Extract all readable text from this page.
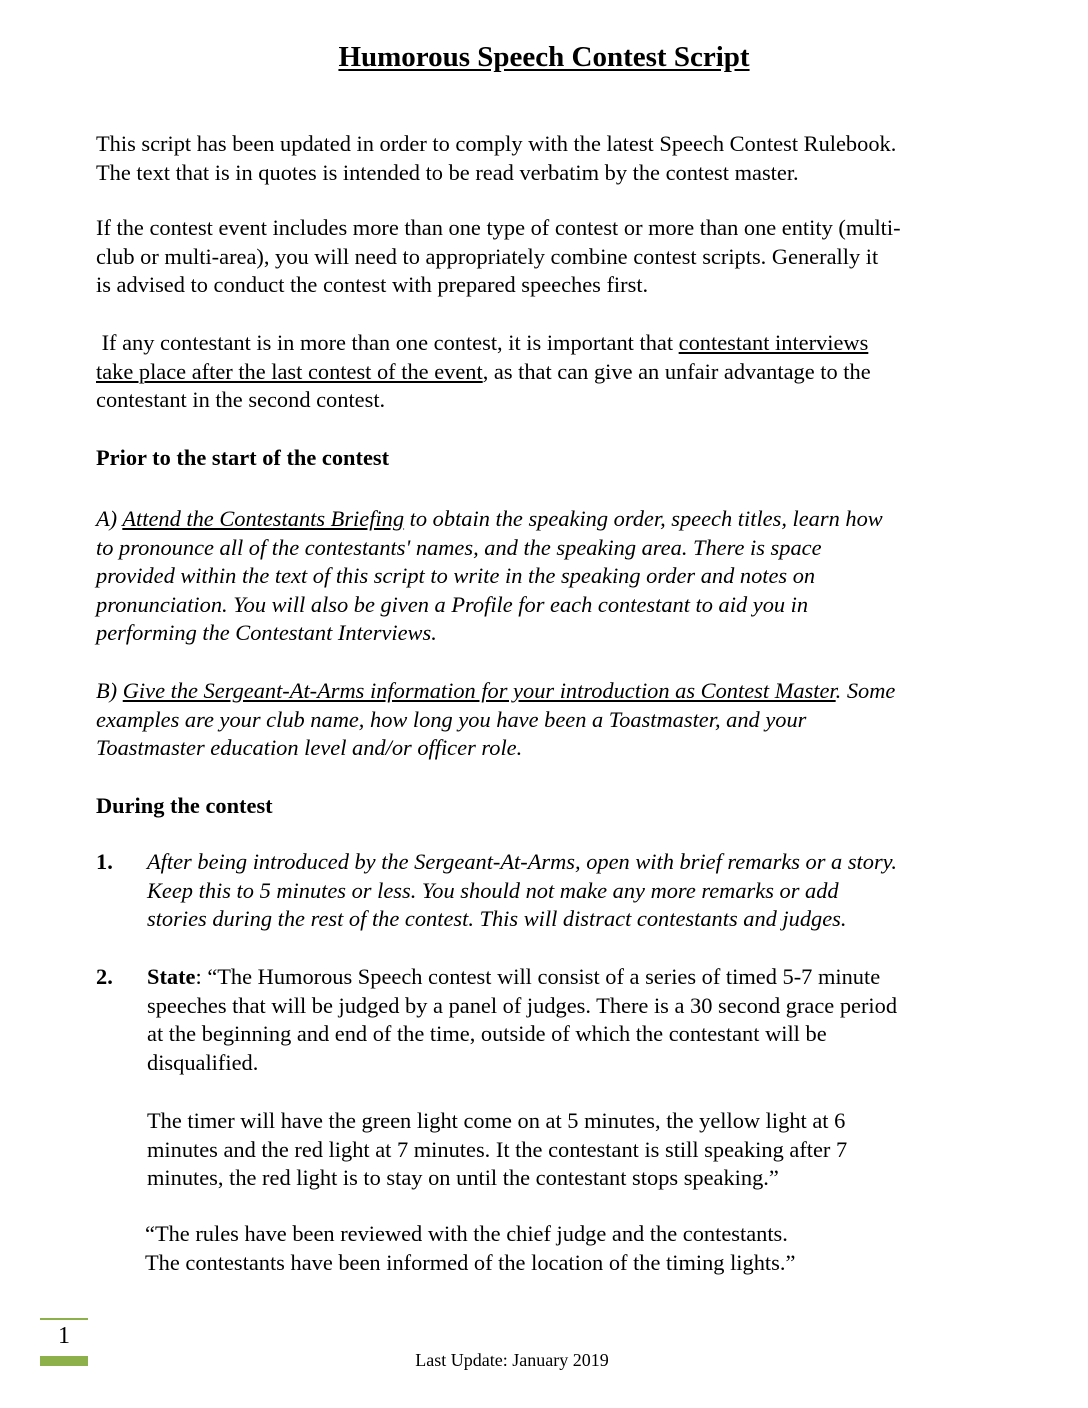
Humorous Speech Contest Script

This script has been updated in order to comply with the latest Speech Contest Rulebook.
The text that is in quotes is intended to be read verbatim by the contest master.

If the contest event includes more than one type of contest or more than one entity (multi-
club or multi-area), you will need to appropriately combine contest scripts. Generally it
is advised to conduct the contest with prepared speeches first.

If any contestant is in more than one contest, it is important that contestant interviews
take place after the last contest of the event, as that can give an unfair advantage to the
contestant in the second contest.

Prior to the start of the contest

A) Attend the Contestants Briefing to obtain the speaking order, speech titles, learn how
to pronounce all of the contestants' names, and the speaking area. There is space
provided within the text of this script to write in the speaking order and notes on
pronunciation. You will also be given a Profile for each contestant to aid you in
performing the Contestant Interviews.

B) Give the Sergeant-At-Arms information for your introduction as Contest Master. Some
examples are your club name, how long you have been a Toastmaster, and your
Toastmaster education level and/or officer role.

During the contest
1. After being introduced by the Sergeant-At-Arms, open with brief remarks or a story.
Keep this to 5 minutes or less. You should not make any more remarks or add
stories during the rest of the contest. This will distract contestants and judges.

2. State: “The Humorous Speech contest will consist of a series of timed 5-7 minute
speeches that will be judged by a panel of judges. There is a 30 second grace period
at the beginning and end of the time, outside of which the contestant will be
disqualified.

The timer will have the green light come on at 5 minutes, the yellow light at 6
minutes and the red light at 7 minutes. It the contestant is still speaking after 7
minutes, the red light is to stay on until the contestant stops speaking.”

“The rules have been reviewed with the chief judge and the contestants.
The contestants have been informed of the location of the timing lights.”

1
Last Update: January 2019
